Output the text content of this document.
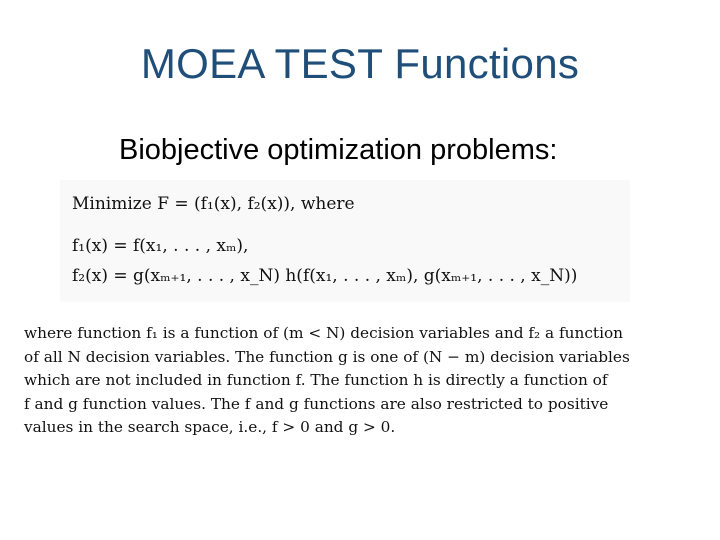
MOEA TEST Functions
Biobjective optimization problems:
Minimize F = (f₁(x), f₂(x)), where
f₁(x) = f(x₁, . . . , xₘ),
f₂(x) = g(xₘ₊₁, . . . , x_N) h(f(x₁, . . . , xₘ), g(xₘ₊₁, . . . , x_N))
where function f₁ is a function of (m < N) decision variables and f₂ a function
of all N decision variables. The function g is one of (N − m) decision variables
which are not included in function f. The function h is directly a function of
f and g function values. The f and g functions are also restricted to positive
values in the search space, i.e., f > 0 and g > 0.
